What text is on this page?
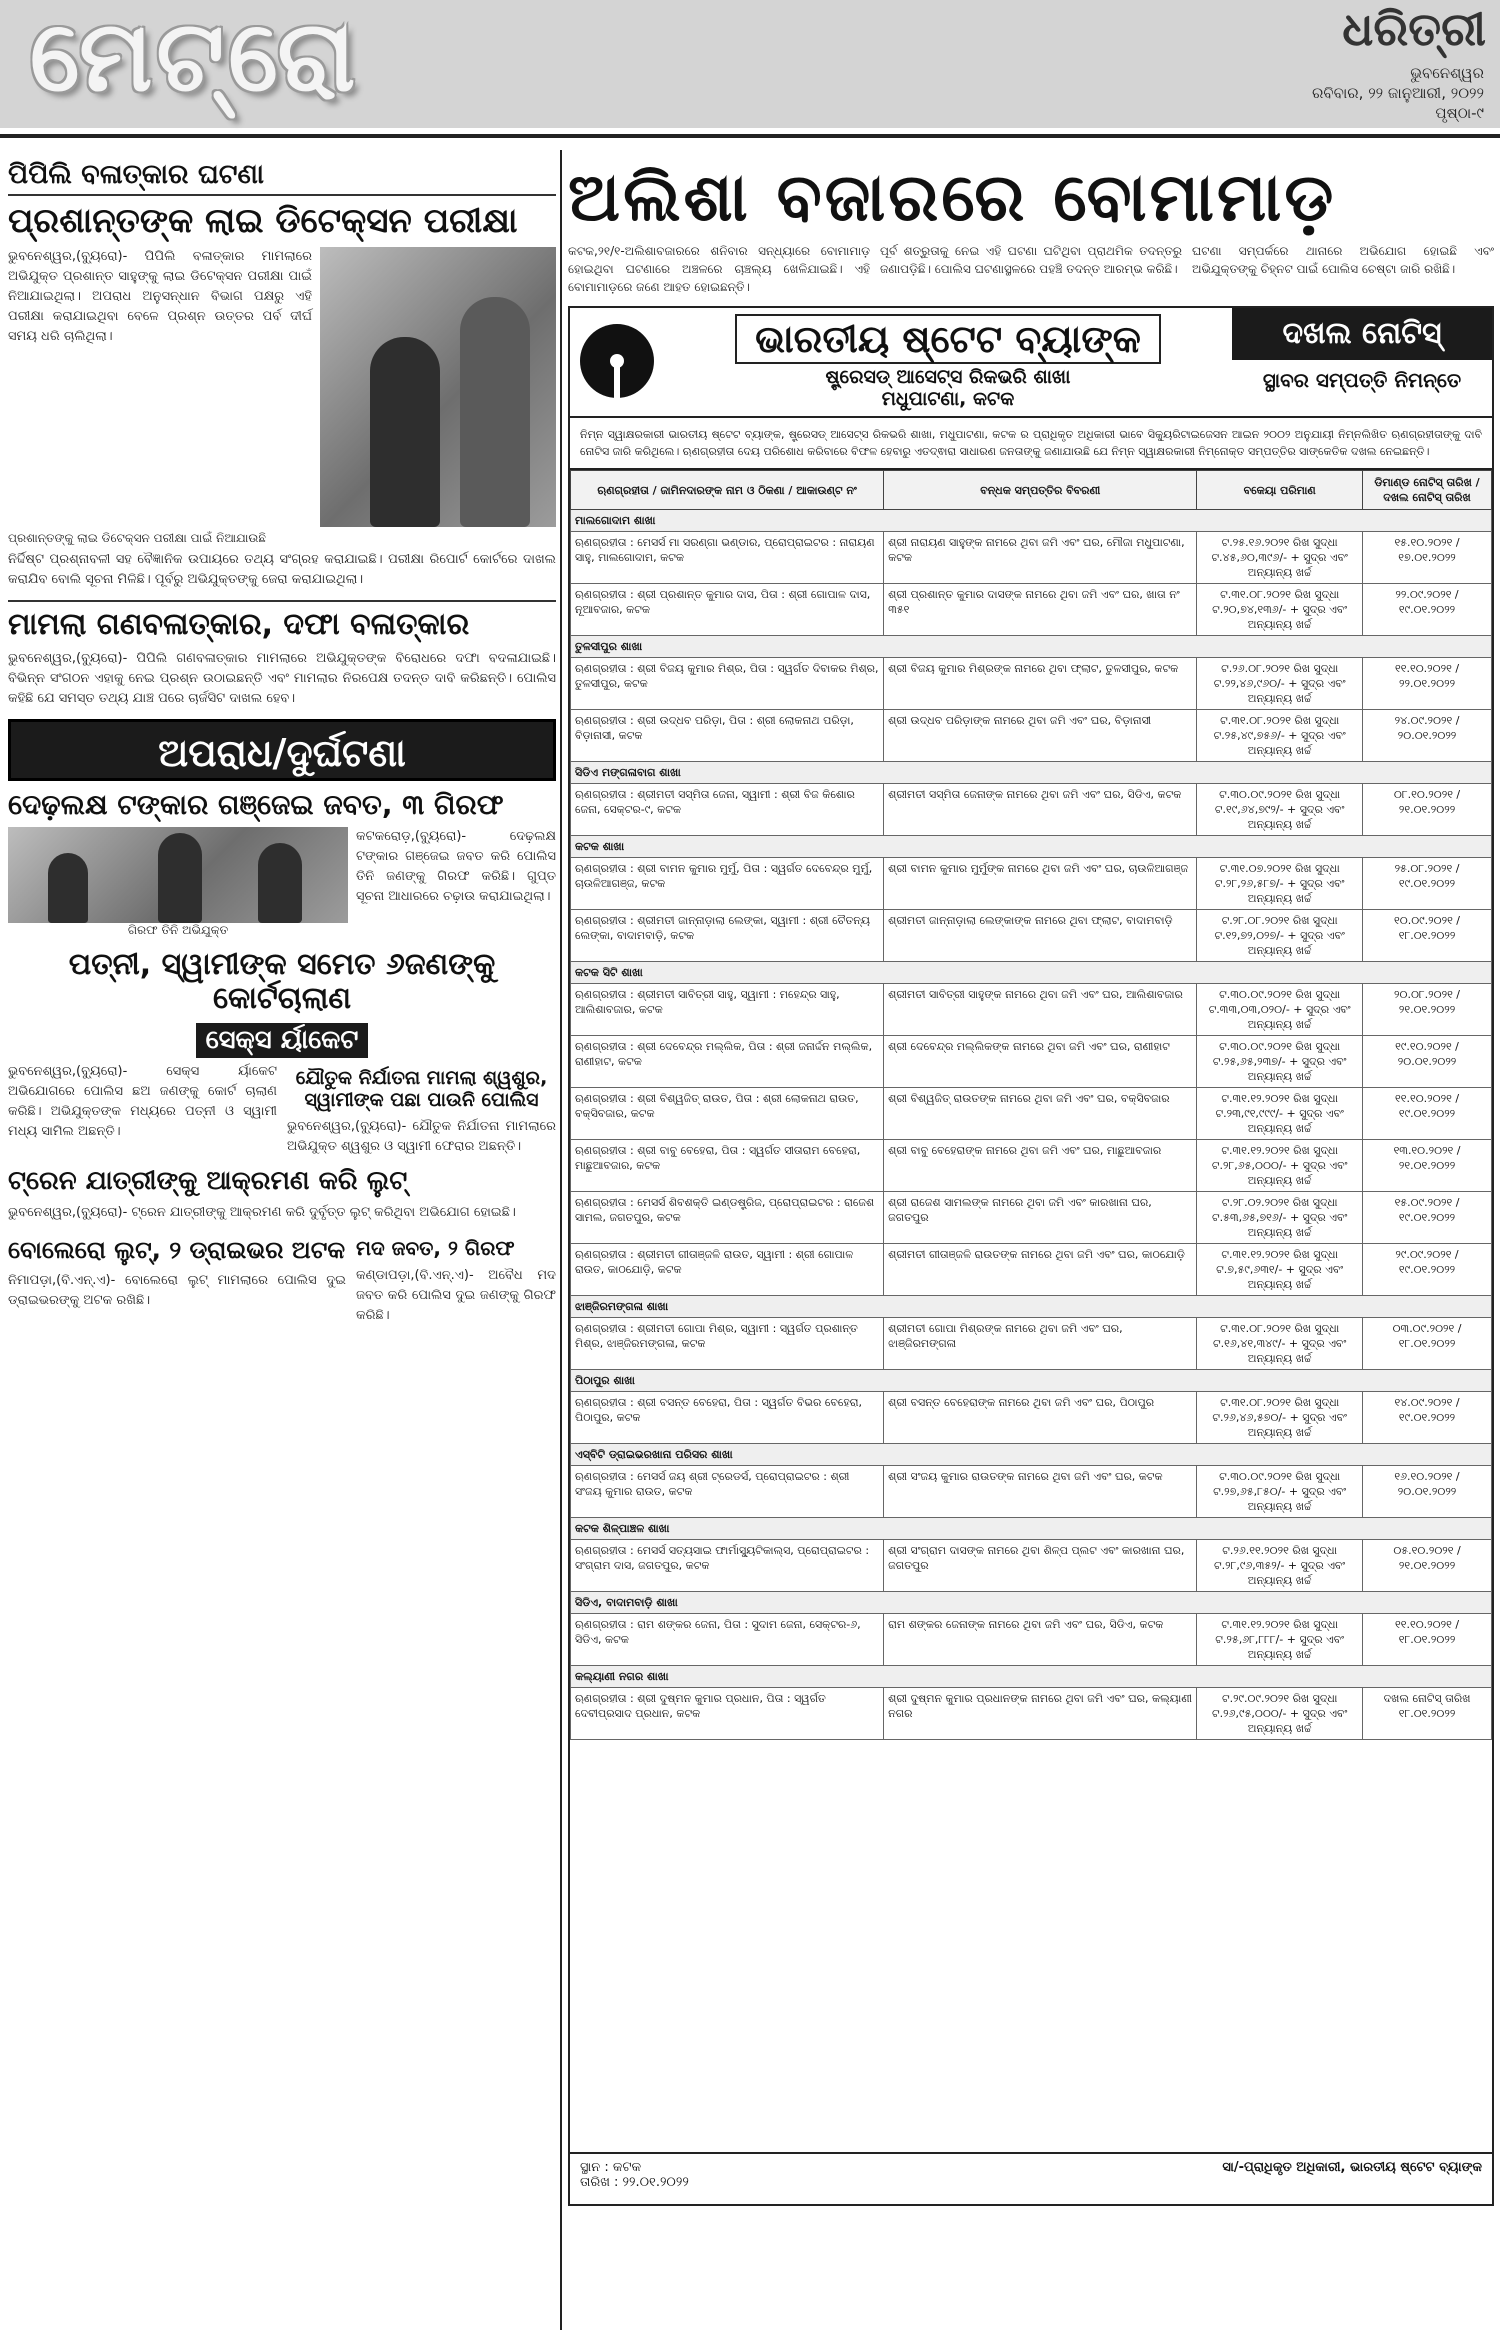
ମେଟ୍ରୋ	ଧରିତ୍ରୀ
ଭୁବନେଶ୍ୱର
ରବିବାର, ୨୨ ଜାନୁଆରୀ, ୨୦୨୨
ପୃଷ୍ଠା-୯
ପିପିଲି ବଳାତ୍କାର ଘଟଣା
ପ୍ରଶାନ୍ତଙ୍କ ଲାଇ ଡିଟେକ୍ସନ ପରୀକ୍ଷା

ଭୁବନେଶ୍ୱର,(ବ୍ୟୁରୋ)- ପିପିଲି ବଳାତ୍କାର ମାମଲାରେ ଅଭିଯୁକ୍ତ ପ୍ରଶାନ୍ତ ସାହୁଙ୍କୁ ଲାଇ ଡିଟେକ୍ସନ ପରୀକ୍ଷା ପାଇଁ ନିଆଯାଇଥିଲା। ଅପରାଧ ଅନୁସନ୍ଧାନ ବିଭାଗ ପକ୍ଷରୁ ଏହି ପରୀକ୍ଷା କରାଯାଇଥିବା ବେଳେ ପ୍ରଶ୍ନ ଉତ୍ତର ପର୍ବ ଦୀର୍ଘ ସମୟ ଧରି ଚାଲିଥିଲା।

ପ୍ରଶାନ୍ତଙ୍କୁ ଲାଇ ଡିଟେକ୍ସନ ପରୀକ୍ଷା ପାଇଁ ନିଆଯାଉଛି

ନିର୍ଦ୍ଦିଷ୍ଟ ପ୍ରଶ୍ନାବଳୀ ସହ ବୈଜ୍ଞାନିକ ଉପାୟରେ ତଥ୍ୟ ସଂଗ୍ରହ କରାଯାଇଛି। ପରୀକ୍ଷା ରିପୋର୍ଟ କୋର୍ଟରେ ଦାଖଲ କରାଯିବ ବୋଲି ସୂଚନା ମିଳିଛି। ପୂର୍ବରୁ ଅଭିଯୁକ୍ତଙ୍କୁ ଜେରା କରାଯାଇଥିଲା।

ମାମଲା ଗଣବଳାତ୍କାର, ଦଫା ବଳାତ୍କାର

ଭୁବନେଶ୍ୱର,(ବ୍ୟୁରୋ)- ପିପିଲି ଗଣବଳାତ୍କାର ମାମଲାରେ ଅଭିଯୁକ୍ତଙ୍କ ବିରୋଧରେ ଦଫା ବଦଳାଯାଇଛି। ବିଭିନ୍ନ ସଂଗଠନ ଏହାକୁ ନେଇ ପ୍ରଶ୍ନ ଉଠାଇଛନ୍ତି ଏବଂ ମାମଲାର ନିରପେକ୍ଷ ତଦନ୍ତ ଦାବି କରିଛନ୍ତି। ପୋଲିସ କହିଛି ଯେ ସମସ୍ତ ତଥ୍ୟ ଯାଞ୍ଚ ପରେ ଚାର୍ଜସିଟ ଦାଖଲ ହେବ।

ଅପରାଧ/ଦୁର୍ଘଟଣା
ଦେଢ଼ଲକ୍ଷ ଟଙ୍କାର ଗଞ୍ଜେଇ ଜବତ, ୩ ଗିରଫ
ଗିରଫ ତିନି ଅଭିଯୁକ୍ତ

କଟକରୋଡ଼,(ବ୍ୟୁରୋ)- ଦେଢ଼ଲକ୍ଷ ଟଙ୍କାର ଗଞ୍ଜେଇ ଜବତ କରି ପୋଲିସ ତିନି ଜଣଙ୍କୁ ଗିରଫ କରିଛି। ଗୁପ୍ତ ସୂଚନା ଆଧାରରେ ଚଢ଼ାଉ କରାଯାଇଥିଲା।

ପତ୍ନୀ, ସ୍ୱାମୀଙ୍କ ସମେତ ୬ଜଣଙ୍କୁ କୋର୍ଟଚାଲାଣ
ସେକ୍ସ ର୍ୟାକେଟ

ଭୁବନେଶ୍ୱର,(ବ୍ୟୁରୋ)- ସେକ୍ସ ର୍ୟାକେଟ ଅଭିଯୋଗରେ ପୋଲିସ ଛଅ ଜଣଙ୍କୁ କୋର୍ଟ ଚାଲାଣ କରିଛି। ଅଭିଯୁକ୍ତଙ୍କ ମଧ୍ୟରେ ପତ୍ନୀ ଓ ସ୍ୱାମୀ ମଧ୍ୟ ସାମିଲ ଅଛନ୍ତି।

ଯୌତୁକ ନିର୍ଯାତନା ମାମଲା ଶ୍ୱଶୁର, ସ୍ୱାମୀଙ୍କ ପଛା ପାଉନି ପୋଲିସ

ଭୁବନେଶ୍ୱର,(ବ୍ୟୁରୋ)- ଯୌତୁକ ନିର୍ଯାତନା ମାମଲାରେ ଅଭିଯୁକ୍ତ ଶ୍ୱଶୁର ଓ ସ୍ୱାମୀ ଫେରାର ଅଛନ୍ତି।

ଟ୍ରେନ ଯାତ୍ରୀଙ୍କୁ ଆକ୍ରମଣ କରି ଲୁଟ୍

ଭୁବନେଶ୍ୱର,(ବ୍ୟୁରୋ)- ଟ୍ରେନ ଯାତ୍ରୀଙ୍କୁ ଆକ୍ରମଣ କରି ଦୁର୍ବୃତ୍ତ ଲୁଟ୍ କରିଥିବା ଅଭିଯୋଗ ହୋଇଛି।

ବୋଲେରୋ ଲୁଟ୍, ୨ ଡ୍ରାଇଭର ଅଟକ

ନିମାପଡ଼ା,(ବି.ଏନ୍.ଏ)- ବୋଲେରୋ ଲୁଟ୍ ମାମଲାରେ ପୋଲିସ ଦୁଇ ଡ୍ରାଇଭରଙ୍କୁ ଅଟକ ରଖିଛି।

ମଦ ଜବତ, ୨ ଗିରଫ

କଣ୍ଡାପଡ଼ା,(ବି.ଏନ୍.ଏ)- ଅବୈଧ ମଦ ଜବତ କରି ପୋଲିସ ଦୁଇ ଜଣଙ୍କୁ ଗିରଫ କରିଛି।

ଅଲିଶା ବଜାରରେ ବୋମାମାଡ଼

କଟକ,୨୧/୧-ଅଲିଶାବଜାରରେ ଶନିବାର ସନ୍ଧ୍ୟାରେ ବୋମାମାଡ଼ ହୋଇଥିବା ଘଟଣାରେ ଅଞ୍ଚଳରେ ଚାଞ୍ଚଲ୍ୟ ଖେଳିଯାଇଛି। ଏହି ବୋମାମାଡ଼ରେ ଜଣେ ଆହତ ହୋଇଛନ୍ତି।

ପୂର୍ବ ଶତ୍ରୁତାକୁ ନେଇ ଏହି ଘଟଣା ଘଟିଥିବା ପ୍ରାଥମିକ ତଦନ୍ତରୁ ଜଣାପଡ଼ିଛି। ପୋଲିସ ଘଟଣାସ୍ଥଳରେ ପହଞ୍ଚି ତଦନ୍ତ ଆରମ୍ଭ କରିଛି।

ଘଟଣା ସମ୍ପର୍କରେ ଥାନାରେ ଅଭିଯୋଗ ହୋଇଛି ଏବଂ ଅଭିଯୁକ୍ତଙ୍କୁ ଚିହ୍ନଟ ପାଇଁ ପୋଲିସ ଚେଷ୍ଟା ଜାରି ରଖିଛି।

ଭାରତୀୟ ଷ୍ଟେଟ ବ୍ୟାଙ୍କ
ଷ୍ଟ୍ରେସଡ୍ ଆସେଟ୍ସ ରିକଭରି ଶାଖା
ମଧୁପାଟଣା, କଟକ
ଦଖଲ ନୋଟିସ୍
ସ୍ଥାବର ସମ୍ପତ୍ତି ନିମନ୍ତେ
ନିମ୍ନ ସ୍ୱାକ୍ଷରକାରୀ ଭାରତୀୟ ଷ୍ଟେଟ ବ୍ୟାଙ୍କ, ଷ୍ଟ୍ରେସଡ୍ ଆସେଟ୍ସ ରିକଭରି ଶାଖା, ମଧୁପାଟଣା, କଟକ ର ପ୍ରାଧିକୃତ ଅଧିକାରୀ ଭାବେ ସିକ୍ୟୁରିଟାଇଜେସନ ଆଇନ ୨୦୦୨ ଅନୁଯାୟୀ ନିମ୍ନଲିଖିତ ଋଣଗ୍ରହୀତାଙ୍କୁ ଦାବି ନୋଟିସ ଜାରି କରିଥିଲେ। ଋଣଗ୍ରହୀତା ଦେୟ ପରିଶୋଧ କରିବାରେ ବିଫଳ ହେବାରୁ ଏତଦ୍ଵାରା ସାଧାରଣ ଜନତାଙ୍କୁ ଜଣାଯାଉଛି ଯେ ନିମ୍ନ ସ୍ୱାକ୍ଷରକାରୀ ନିମ୍ନୋକ୍ତ ସମ୍ପତ୍ତିର ସାଙ୍କେତିକ ଦଖଲ ନେଇଛନ୍ତି।
ଋଣଗ୍ରହୀତା / ଜାମିନଦାରଙ୍କ ନାମ ଓ ଠିକଣା / ଆକାଉଣ୍ଟ ନଂ	ବନ୍ଧକ ସମ୍ପତ୍ତିର ବିବରଣୀ	ବକେୟା ପରିମାଣ	ଡିମାଣ୍ଡ ନୋଟିସ୍ ତାରିଖ / ଦଖଲ ନୋଟିସ୍ ତାରିଖ
ମାଲଗୋଦାମ ଶାଖା			
ଋଣଗ୍ରହୀତା : ମେସର୍ସ ମା ସରଣ୍ଗା ଭଣ୍ଡାର, ପ୍ରୋପ୍ରାଇଟର : ନାରାୟଣ ସାହୁ, ମାଲଗୋଦାମ, କଟକ	ଶ୍ରୀ ନାରାୟଣ ସାହୁଙ୍କ ନାମରେ ଥିବା ଜମି ଏବଂ ଘର, ମୌଜା ମଧୁପାଟଣା, କଟକ	ଟ.୨୫.୧୬.୨୦୨୧ ରିଖ ସୁଦ୍ଧା ଟ.୪୫,୬୦,୩୯୬/- + ସୁଦ୍ର ଏବଂ ଅନ୍ୟାନ୍ୟ ଖର୍ଚ୍ଚ	୧୫.୧୦.୨୦୨୧ / ୧୭.୦୧.୨୦୨୨
ଋଣଗ୍ରହୀତା : ଶ୍ରୀ ପ୍ରଶାନ୍ତ କୁମାର ଦାସ, ପିତା : ଶ୍ରୀ ଗୋପାଳ ଦାସ, ନୂଆବଜାର, କଟକ	ଶ୍ରୀ ପ୍ରଶାନ୍ତ କୁମାର ଦାସଙ୍କ ନାମରେ ଥିବା ଜମି ଏବଂ ଘର, ଖାତା ନଂ ୩୫୧	ଟ.୩୧.୦୮.୨୦୨୧ ରିଖ ସୁଦ୍ଧା ଟ.୨୦,୭୪,୧୩୬/- + ସୁଦ୍ର ଏବଂ ଅନ୍ୟାନ୍ୟ ଖର୍ଚ୍ଚ	୨୨.୦୯.୨୦୨୧ / ୧୯.୦୧.୨୦୨୨
ତୁଳସୀପୁର ଶାଖା			
ଋଣଗ୍ରହୀତା : ଶ୍ରୀ ବିଜୟ କୁମାର ମିଶ୍ର, ପିତା : ସ୍ୱର୍ଗତ ଦିବାକର ମିଶ୍ର, ତୁଳସୀପୁର, କଟକ	ଶ୍ରୀ ବିଜୟ କୁମାର ମିଶ୍ରଙ୍କ ନାମରେ ଥିବା ଫ୍ଲାଟ, ତୁଳସୀପୁର, କଟକ	ଟ.୨୬.୦୮.୨୦୨୧ ରିଖ ସୁଦ୍ଧା ଟ.୨୨,୪୬,୯୬୦/- + ସୁଦ୍ର ଏବଂ ଅନ୍ୟାନ୍ୟ ଖର୍ଚ୍ଚ	୧୧.୧୦.୨୦୨୧ / ୨୨.୦୧.୨୦୨୨
ଋଣଗ୍ରହୀତା : ଶ୍ରୀ ଉଦ୍ଧବ ପରିଡ଼ା, ପିତା : ଶ୍ରୀ ଲୋକନାଥ ପରିଡ଼ା, ବିଡ଼ାନାସୀ, କଟକ	ଶ୍ରୀ ଉଦ୍ଧବ ପରିଡ଼ାଙ୍କ ନାମରେ ଥିବା ଜମି ଏବଂ ଘର, ବିଡ଼ାନାସୀ	ଟ.୩୧.୦୮.୨୦୨୧ ରିଖ ସୁଦ୍ଧା ଟ.୨୫,୪୯,୭୫୬/- + ସୁଦ୍ର ଏବଂ ଅନ୍ୟାନ୍ୟ ଖର୍ଚ୍ଚ	୨୪.୦୯.୨୦୨୧ / ୨୦.୦୧.୨୦୨୨
ସିଡିଏ ମଙ୍ଗଳାବାଗ ଶାଖା			
ଋଣଗ୍ରହୀତା : ଶ୍ରୀମତୀ ସସ୍ମିତା ଜେନା, ସ୍ୱାମୀ : ଶ୍ରୀ ବିଜ କିଶୋର ଜେନା, ସେକ୍ଟର-୯, କଟକ	ଶ୍ରୀମତୀ ସସ୍ମିତା ଜେନାଙ୍କ ନାମରେ ଥିବା ଜମି ଏବଂ ଘର, ସିଡିଏ, କଟକ	ଟ.୩୦.୦୯.୨୦୨୧ ରିଖ ସୁଦ୍ଧା ଟ.୧୯,୬୪,୭୯୨/- + ସୁଦ୍ର ଏବଂ ଅନ୍ୟାନ୍ୟ ଖର୍ଚ୍ଚ	୦୮.୧୦.୨୦୨୧ / ୨୧.୦୧.୨୦୨୨
କଟକ ଶାଖା			
ଋଣଗ୍ରହୀତା : ଶ୍ରୀ ବାମନ କୁମାର ମୁର୍ମୁ, ପିତା : ସ୍ୱର୍ଗତ ଦେବେନ୍ଦ୍ର ମୁର୍ମୁ, ଚାଉଳିଆଗଞ୍ଜ, କଟକ	ଶ୍ରୀ ବାମନ କୁମାର ମୁର୍ମୁଙ୍କ ନାମରେ ଥିବା ଜମି ଏବଂ ଘର, ଚାଉଳିଆଗଞ୍ଜ	ଟ.୩୧.୦୭.୨୦୨୧ ରିଖ ସୁଦ୍ଧା ଟ.୨୮,୨୬,୫୮୭/- + ସୁଦ୍ର ଏବଂ ଅନ୍ୟାନ୍ୟ ଖର୍ଚ୍ଚ	୨୫.୦୮.୨୦୨୧ / ୧୯.୦୧.୨୦୨୨
ଋଣଗ୍ରହୀତା : ଶ୍ରୀମତୀ ଜାନ୍ନାଡ଼ାଲା ଲେଙ୍କା, ସ୍ୱାମୀ : ଶ୍ରୀ ଚୈତନ୍ୟ ଲେଙ୍କା, ବାଦାମବାଡ଼ି, କଟକ	ଶ୍ରୀମତୀ ଜାନ୍ନାଡ଼ାଲା ଲେଙ୍କାଙ୍କ ନାମରେ ଥିବା ଫ୍ଲାଟ, ବାଦାମବାଡ଼ି	ଟ.୨୮.୦୮.୨୦୨୧ ରିଖ ସୁଦ୍ଧା ଟ.୧୨,୭୨,୦୨୭/- + ସୁଦ୍ର ଏବଂ ଅନ୍ୟାନ୍ୟ ଖର୍ଚ୍ଚ	୧୦.୦୯.୨୦୨୧ / ୧୮.୦୧.୨୦୨୨
କଟକ ସିଟି ଶାଖା			
ଋଣଗ୍ରହୀତା : ଶ୍ରୀମତୀ ସାବିତ୍ରୀ ସାହୁ, ସ୍ୱାମୀ : ମହେନ୍ଦ୍ର ସାହୁ, ଆଲିଶାବଜାର, କଟକ	ଶ୍ରୀମତୀ ସାବିତ୍ରୀ ସାହୁଙ୍କ ନାମରେ ଥିବା ଜମି ଏବଂ ଘର, ଆଲିଶାବଜାର	ଟ.୩୦.୦୯.୨୦୨୧ ରିଖ ସୁଦ୍ଧା ଟ.୩୩,୦୩,୦୨୦/- + ସୁଦ୍ର ଏବଂ ଅନ୍ୟାନ୍ୟ ଖର୍ଚ୍ଚ	୨୦.୦୮.୨୦୨୧ / ୨୧.୦୧.୨୦୨୨
ଋଣଗ୍ରହୀତା : ଶ୍ରୀ ଦେବେନ୍ଦ୍ର ମଲ୍ଲିକ, ପିତା : ଶ୍ରୀ ଜନାର୍ଦ୍ଦନ ମଲ୍ଲିକ, ରାଣୀହାଟ, କଟକ	ଶ୍ରୀ ଦେବେନ୍ଦ୍ର ମଲ୍ଲିକଙ୍କ ନାମରେ ଥିବା ଜମି ଏବଂ ଘର, ରାଣୀହାଟ	ଟ.୩୦.୦୯.୨୦୨୧ ରିଖ ସୁଦ୍ଧା ଟ.୨୫,୬୫,୨୩୭/- + ସୁଦ୍ର ଏବଂ ଅନ୍ୟାନ୍ୟ ଖର୍ଚ୍ଚ	୧୯.୧୦.୨୦୨୧ / ୨୦.୦୧.୨୦୨୨
ଋଣଗ୍ରହୀତା : ଶ୍ରୀ ବିଶ୍ୱଜିତ୍ ରାଉତ, ପିତା : ଶ୍ରୀ ଲୋକନାଥ ରାଉତ, ବକ୍ସିବଜାର, କଟକ	ଶ୍ରୀ ବିଶ୍ୱଜିତ୍ ରାଉତଙ୍କ ନାମରେ ଥିବା ଜମି ଏବଂ ଘର, ବକ୍ସିବଜାର	ଟ.୩୧.୧୨.୨୦୨୧ ରିଖ ସୁଦ୍ଧା ଟ.୨୩,୯୧,୯୯୯/- + ସୁଦ୍ର ଏବଂ ଅନ୍ୟାନ୍ୟ ଖର୍ଚ୍ଚ	୧୧.୧୦.୨୦୨୧ / ୧୯.୦୧.୨୦୨୨
ଋଣଗ୍ରହୀତା : ଶ୍ରୀ ବାବୁ ବେହେରା, ପିତା : ସ୍ୱର୍ଗତ ସୀତାରାମ ବେହେରା, ମାଛୁଆବଜାର, କଟକ	ଶ୍ରୀ ବାବୁ ବେହେରାଙ୍କ ନାମରେ ଥିବା ଜମି ଏବଂ ଘର, ମାଛୁଆବଜାର	ଟ.୩୧.୧୨.୨୦୨୧ ରିଖ ସୁଦ୍ଧା ଟ.୨୮,୬୫,୦୦୦/- + ସୁଦ୍ର ଏବଂ ଅନ୍ୟାନ୍ୟ ଖର୍ଚ୍ଚ	୧୩.୧୦.୨୦୨୧ / ୨୧.୦୧.୨୦୨୨
ଋଣଗ୍ରହୀତା : ମେସର୍ସ ଶିବଶକ୍ତି ଇଣ୍ଡଷ୍ଟ୍ରିଜ, ପ୍ରୋପ୍ରାଇଟର : ରାଜେଶ ସାମଲ, ଜଗତପୁର, କଟକ	ଶ୍ରୀ ରାଜେଶ ସାମଲଙ୍କ ନାମରେ ଥିବା ଜମି ଏବଂ କାରଖାନା ଘର, ଜଗତପୁର	ଟ.୨୮.୦୨.୨୦୨୧ ରିଖ ସୁଦ୍ଧା ଟ.୫୩,୬୫,୭୧୬/- + ସୁଦ୍ର ଏବଂ ଅନ୍ୟାନ୍ୟ ଖର୍ଚ୍ଚ	୧୫.୦୯.୨୦୨୧ / ୧୯.୦୧.୨୦୨୨
ଋଣଗ୍ରହୀତା : ଶ୍ରୀମତୀ ଗୀତାଞ୍ଜଳି ରାଉତ, ସ୍ୱାମୀ : ଶ୍ରୀ ଗୋପାଳ ରାଉତ, କାଠଯୋଡ଼ି, କଟକ	ଶ୍ରୀମତୀ ଗୀତାଞ୍ଜଳି ରାଉତଙ୍କ ନାମରେ ଥିବା ଜମି ଏବଂ ଘର, କାଠଯୋଡ଼ି	ଟ.୩୧.୧୨.୨୦୨୧ ରିଖ ସୁଦ୍ଧା ଟ.୭,୫୯,୬୩୧/- + ସୁଦ୍ର ଏବଂ ଅନ୍ୟାନ୍ୟ ଖର୍ଚ୍ଚ	୨୯.୦୯.୨୦୨୧ / ୧୯.୦୧.୨୦୨୨
ଝାଞ୍ଜିରମଙ୍ଗଳା ଶାଖା			
ଋଣଗ୍ରହୀତା : ଶ୍ରୀମତୀ ଗୋପା ମିଶ୍ର, ସ୍ୱାମୀ : ସ୍ୱର୍ଗତ ପ୍ରଶାନ୍ତ ମିଶ୍ର, ଝାଞ୍ଜିରମଙ୍ଗଳା, କଟକ	ଶ୍ରୀମତୀ ଗୋପା ମିଶ୍ରଙ୍କ ନାମରେ ଥିବା ଜମି ଏବଂ ଘର, ଝାଞ୍ଜିରମଙ୍ଗଳା	ଟ.୩୧.୦୮.୨୦୨୧ ରିଖ ସୁଦ୍ଧା ଟ.୧୬,୪୧,୩୪୯/- + ସୁଦ୍ର ଏବଂ ଅନ୍ୟାନ୍ୟ ଖର୍ଚ୍ଚ	୦୩.୦୯.୨୦୨୧ / ୧୮.୦୧.୨୦୨୨
ପିଠାପୁର ଶାଖା			
ଋଣଗ୍ରହୀତା : ଶ୍ରୀ ବସନ୍ତ ବେହେରା, ପିତା : ସ୍ୱର୍ଗତ ବିଭର ବେହେରା, ପିଠାପୁର, କଟକ	ଶ୍ରୀ ବସନ୍ତ ବେହେରାଙ୍କ ନାମରେ ଥିବା ଜମି ଏବଂ ଘର, ପିଠାପୁର	ଟ.୩୧.୦୮.୨୦୨୧ ରିଖ ସୁଦ୍ଧା ଟ.୨୬,୪୬,୫୭୦/- + ସୁଦ୍ର ଏବଂ ଅନ୍ୟାନ୍ୟ ଖର୍ଚ୍ଚ	୧୪.୦୯.୨୦୨୧ / ୧୯.୦୧.୨୦୨୨
ଏସ୍‌ବିଟି ଡ୍ରାଇଭରଖାନା ପରିସର ଶାଖା			
ଋଣଗ୍ରହୀତା : ମେସର୍ସ ଜୟ ଶ୍ରୀ ଟ୍ରେଡର୍ସ, ପ୍ରୋପ୍ରାଇଟର : ଶ୍ରୀ ସଂଜୟ କୁମାର ରାଉତ, କଟକ	ଶ୍ରୀ ସଂଜୟ କୁମାର ରାଉତଙ୍କ ନାମରେ ଥିବା ଜମି ଏବଂ ଘର, କଟକ	ଟ.୩୦.୦୯.୨୦୨୧ ରିଖ ସୁଦ୍ଧା ଟ.୨୭,୬୫,୮୫୦/- + ସୁଦ୍ର ଏବଂ ଅନ୍ୟାନ୍ୟ ଖର୍ଚ୍ଚ	୧୬.୧୦.୨୦୨୧ / ୨୦.୦୧.୨୦୨୨
କଟକ ଶିଳ୍ପାଞ୍ଚଳ ଶାଖା			
ଋଣଗ୍ରହୀତା : ମେସର୍ସ ସତ୍ୟସାଇ ଫାର୍ମାସ୍ୟୁଟିକାଲ୍ସ, ପ୍ରୋପ୍ରାଇଟର : ସଂଗ୍ରାମ ଦାସ, ଜଗତପୁର, କଟକ	ଶ୍ରୀ ସଂଗ୍ରାମ ଦାସଙ୍କ ନାମରେ ଥିବା ଶିଳ୍ପ ପ୍ଲଟ ଏବଂ କାରଖାନା ଘର, ଜଗତପୁର	ଟ.୨୬.୧୧.୨୦୨୧ ରିଖ ସୁଦ୍ଧା ଟ.୨୮,୯୬,୩୫୨/- + ସୁଦ୍ର ଏବଂ ଅନ୍ୟାନ୍ୟ ଖର୍ଚ୍ଚ	୦୫.୧୦.୨୦୨୧ / ୨୧.୦୧.୨୦୨୨
ସିଡିଏ, ବାଦାମବାଡ଼ି ଶାଖା			
ଋଣଗ୍ରହୀତା : ରାମ ଶଙ୍କର ଜେନା, ପିତା : ସୁଦାମ ଜେନା, ସେକ୍ଟର-୬, ସିଡିଏ, କଟକ	ରାମ ଶଙ୍କର ଜେନାଙ୍କ ନାମରେ ଥିବା ଜମି ଏବଂ ଘର, ସିଡିଏ, କଟକ	ଟ.୩୧.୧୨.୨୦୨୧ ରିଖ ସୁଦ୍ଧା ଟ.୨୫,୬୮,୮୮୮/- + ସୁଦ୍ର ଏବଂ ଅନ୍ୟାନ୍ୟ ଖର୍ଚ୍ଚ	୧୧.୧୦.୨୦୨୧ / ୧୮.୦୧.୨୦୨୨
କଲ୍ୟାଣୀ ନଗର ଶାଖା			
ଋଣଗ୍ରହୀତା : ଶ୍ରୀ ଦୁଷ୍ମନ କୁମାର ପ୍ରଧାନ, ପିତା : ସ୍ୱର୍ଗତ ଦେବୀପ୍ରସାଦ ପ୍ରଧାନ, କଟକ	ଶ୍ରୀ ଦୁଷ୍ମନ କୁମାର ପ୍ରଧାନଙ୍କ ନାମରେ ଥିବା ଜମି ଏବଂ ଘର, କଲ୍ୟାଣୀ ନଗର	ଟ.୨୯.୦୯.୨୦୨୧ ରିଖ ସୁଦ୍ଧା ଟ.୨୬,୯୫,୦୦୦/- + ସୁଦ୍ର ଏବଂ ଅନ୍ୟାନ୍ୟ ଖର୍ଚ୍ଚ	ଦଖଲ ନୋଟିସ୍ ତାରିଖ ୧୮.୦୧.୨୦୨୨
ସ୍ଥାନ : କଟକ
ତାରିଖ : ୨୨.୦୧.୨୦୨୨
ସା/-ପ୍ରାଧିକୃତ ଅଧିକାରୀ, ଭାରତୀୟ ଷ୍ଟେଟ ବ୍ୟାଙ୍କ
